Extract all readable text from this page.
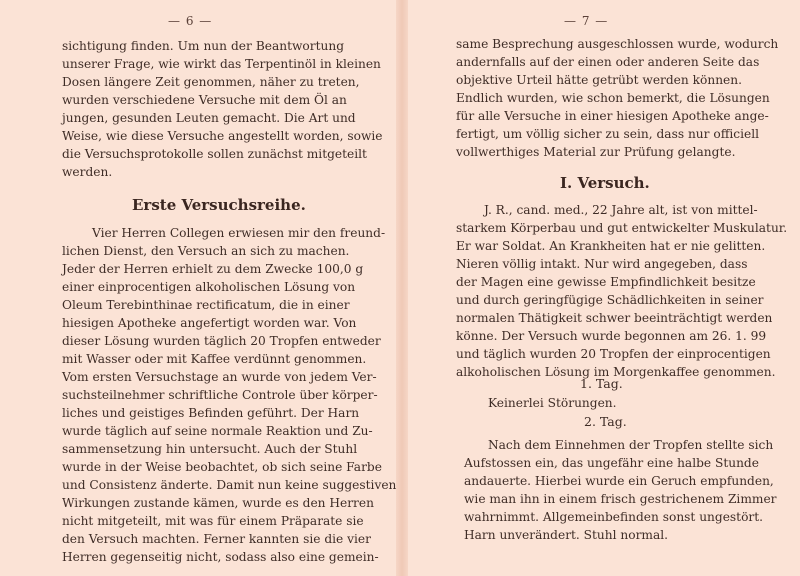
— 6 —
sichtigung finden. Um nun der Beantwortung
unserer Frage, wie wirkt das Terpentinöl in kleinen
Dosen längere Zeit genommen, näher zu treten,
wurden verschiedene Versuche mit dem Öl an
jungen, gesunden Leuten gemacht. Die Art und
Weise, wie diese Versuche angestellt worden, sowie
die Versuchsprotokolle sollen zunächst mitgeteilt
werden.
Erste Versuchsreihe.
Vier Herren Collegen erwiesen mir den freund-
lichen Dienst, den Versuch an sich zu machen.
Jeder der Herren erhielt zu dem Zwecke 100,0 g
einer einprocentigen alkoholischen Lösung von
Oleum Terebinthinae rectificatum, die in einer
hiesigen Apotheke angefertigt worden war. Von
dieser Lösung wurden täglich 20 Tropfen entweder
mit Wasser oder mit Kaffee verdünnt genommen.
Vom ersten Versuchstage an wurde von jedem Ver-
suchsteilnehmer schriftliche Controle über körper-
liches und geistiges Befinden geführt. Der Harn
wurde täglich auf seine normale Reaktion und Zu-
sammensetzung hin untersucht. Auch der Stuhl
wurde in der Weise beobachtet, ob sich seine Farbe
und Consistenz änderte. Damit nun keine suggestiven
Wirkungen zustande kämen, wurde es den Herren
nicht mitgeteilt, mit was für einem Präparate sie
den Versuch machten. Ferner kannten sie die vier
Herren gegenseitig nicht, sodass also eine gemein-
— 7 —
same Besprechung ausgeschlossen wurde, wodurch
andernfalls auf der einen oder anderen Seite das
objektive Urteil hätte getrübt werden können.
Endlich wurden, wie schon bemerkt, die Lösungen
für alle Versuche in einer hiesigen Apotheke ange-
fertigt, um völlig sicher zu sein, dass nur officiell
vollwerthiges Material zur Prüfung gelangte.
I. Versuch.
J. R., cand. med., 22 Jahre alt, ist von mittel-
starkem Körperbau und gut entwickelter Muskulatur.
Er war Soldat. An Krankheiten hat er nie gelitten.
Nieren völlig intakt. Nur wird angegeben, dass
der Magen eine gewisse Empfindlichkeit besitze
und durch geringfügige Schädlichkeiten in seiner
normalen Thätigkeit schwer beeinträchtigt werden
könne. Der Versuch wurde begonnen am 26. 1. 99
und täglich wurden 20 Tropfen der einprocentigen
alkoholischen Lösung im Morgenkaffee genommen.
1. Tag.
Keinerlei Störungen.
2. Tag.
Nach dem Einnehmen der Tropfen stellte sich
Aufstossen ein, das ungefähr eine halbe Stunde
andauerte. Hierbei wurde ein Geruch empfunden,
wie man ihn in einem frisch gestrichenem Zimmer
wahrnimmt. Allgemeinbefinden sonst ungestört.
Harn unverändert. Stuhl normal.
